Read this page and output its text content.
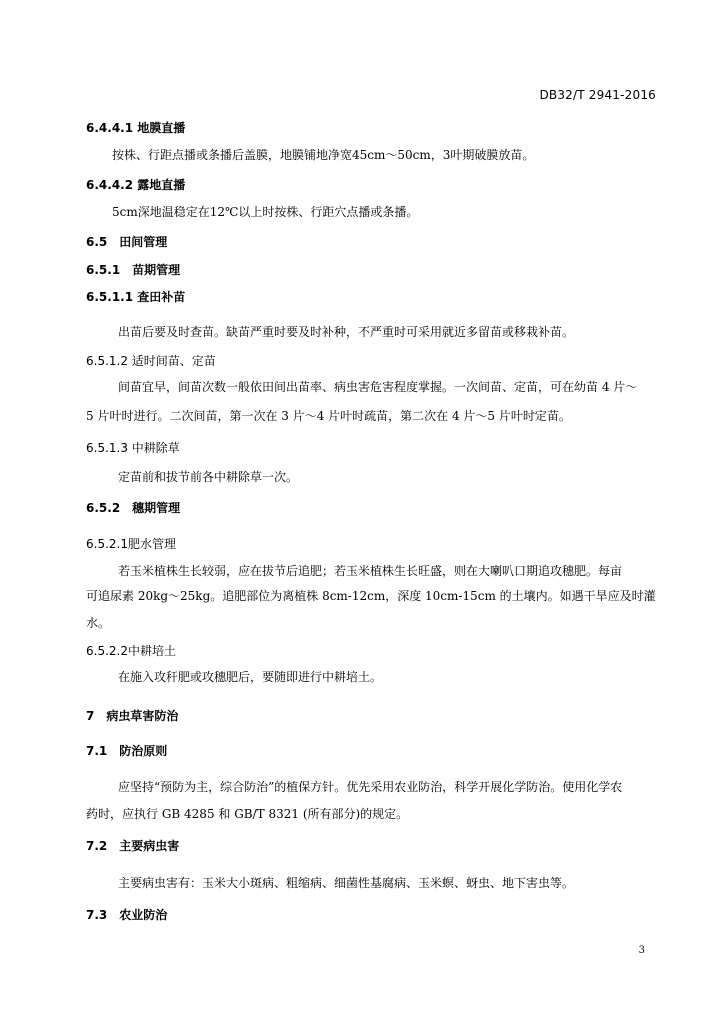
DB32/T 2941-2016
6.4.4.1 地膜直播
按株、行距点播或条播后盖膜，地膜铺地净宽45cm～50cm，3叶期破膜放苗。
6.4.4.2 露地直播
5cm深地温稳定在12℃以上时按株、行距穴点播或条播。
6.5　田间管理
6.5.1　苗期管理
6.5.1.1 查田补苗
出苗后要及时查苗。缺苗严重时要及时补种，不严重时可采用就近多留苗或移栽补苗。
6.5.1.2 适时间苗、定苗
间苗宜早，间苗次数一般依田间出苗率、病虫害危害程度掌握。一次间苗、定苗，可在幼苗 4 片～
5 片叶时进行。二次间苗，第一次在 3 片～4 片叶时疏苗，第二次在 4 片～5 片叶时定苗。
6.5.1.3 中耕除草
定苗前和拔节前各中耕除草一次。
6.5.2　穗期管理
6.5.2.1肥水管理
若玉米植株生长较弱，应在拔节后追肥；若玉米植株生长旺盛，则在大喇叭口期追攻穗肥。每亩
可追尿素 20kg～25kg。追肥部位为离植株 8cm-12cm，深度 10cm-15cm 的土壤内。如遇干旱应及时灌
水。
6.5.2.2中耕培土
在施入攻秆肥或攻穗肥后，要随即进行中耕培土。
7　病虫草害防治
7.1　防治原则
应坚持“预防为主，综合防治”的植保方针。优先采用农业防治，科学开展化学防治。使用化学农
药时，应执行 GB 4285 和 GB/T 8321 (所有部分)的规定。
7.2　主要病虫害
主要病虫害有：玉米大小斑病、粗缩病、细菌性基腐病、玉米螟、蚜虫、地下害虫等。
7.3　农业防治
3
